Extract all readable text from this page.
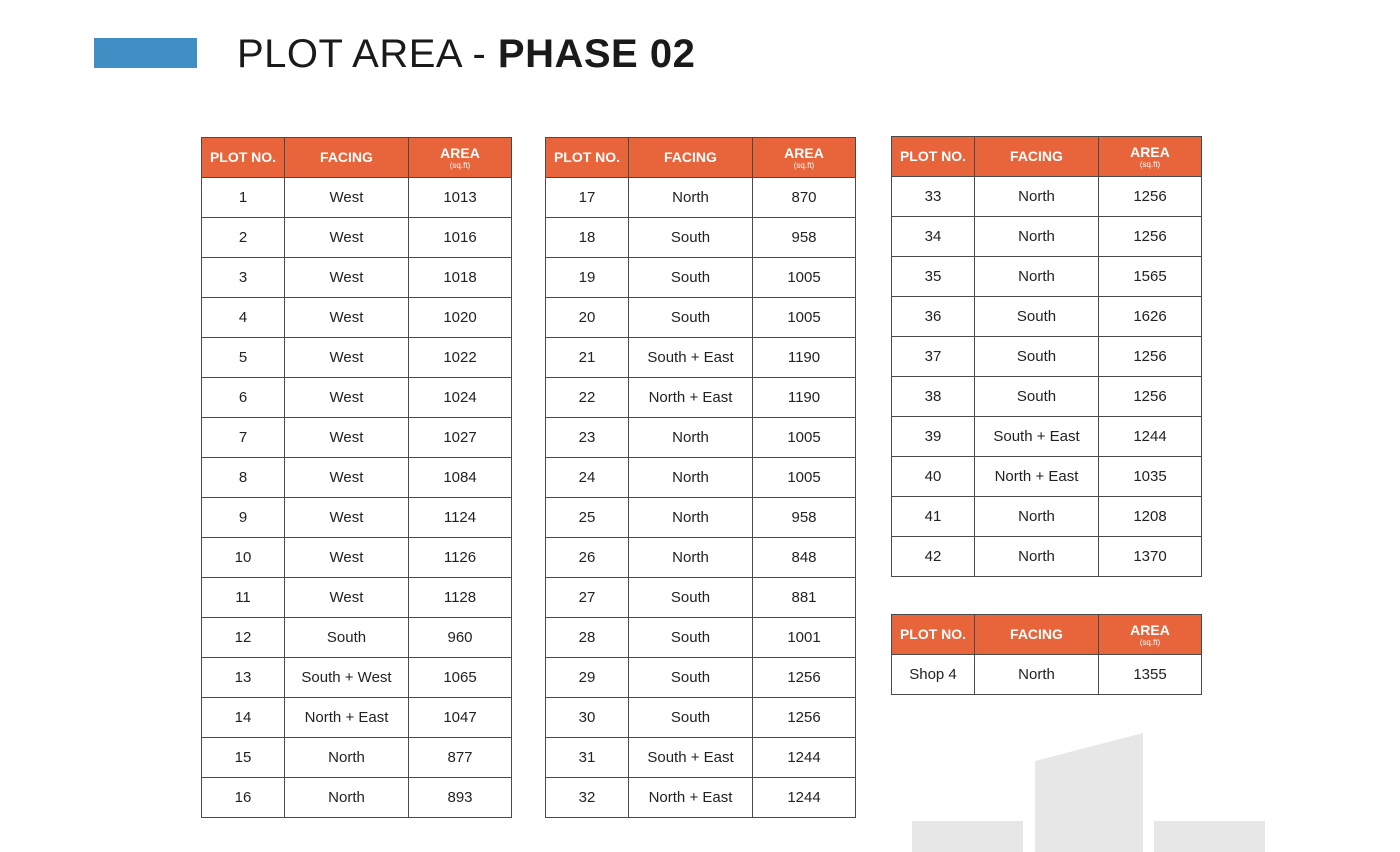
PLOT AREA - PHASE 02
PLOT NO.	FACING	AREA
(sq.ft)

1	West	1013
2	West	1016
3	West	1018
4	West	1020
5	West	1022
6	West	1024
7	West	1027
8	West	1084
9	West	1124
10	West	1126
11	West	1128
12	South	960
13	South + West	1065
14	North + East	1047
15	North	877
16	North	893
PLOT NO.	FACING	AREA
(sq.ft)

17	North	870
18	South	958
19	South	1005
20	South	1005
21	South + East	1190
22	North + East	1190
23	North	1005
24	North	1005
25	North	958
26	North	848
27	South	881
28	South	1001
29	South	1256
30	South	1256
31	South + East	1244
32	North + East	1244
PLOT NO.	FACING	AREA
(sq.ft)

33	North	1256
34	North	1256
35	North	1565
36	South	1626
37	South	1256
38	South	1256
39	South + East	1244
40	North + East	1035
41	North	1208
42	North	1370
PLOT NO.	FACING	AREA
(sq.ft)

Shop 4	North	1355
